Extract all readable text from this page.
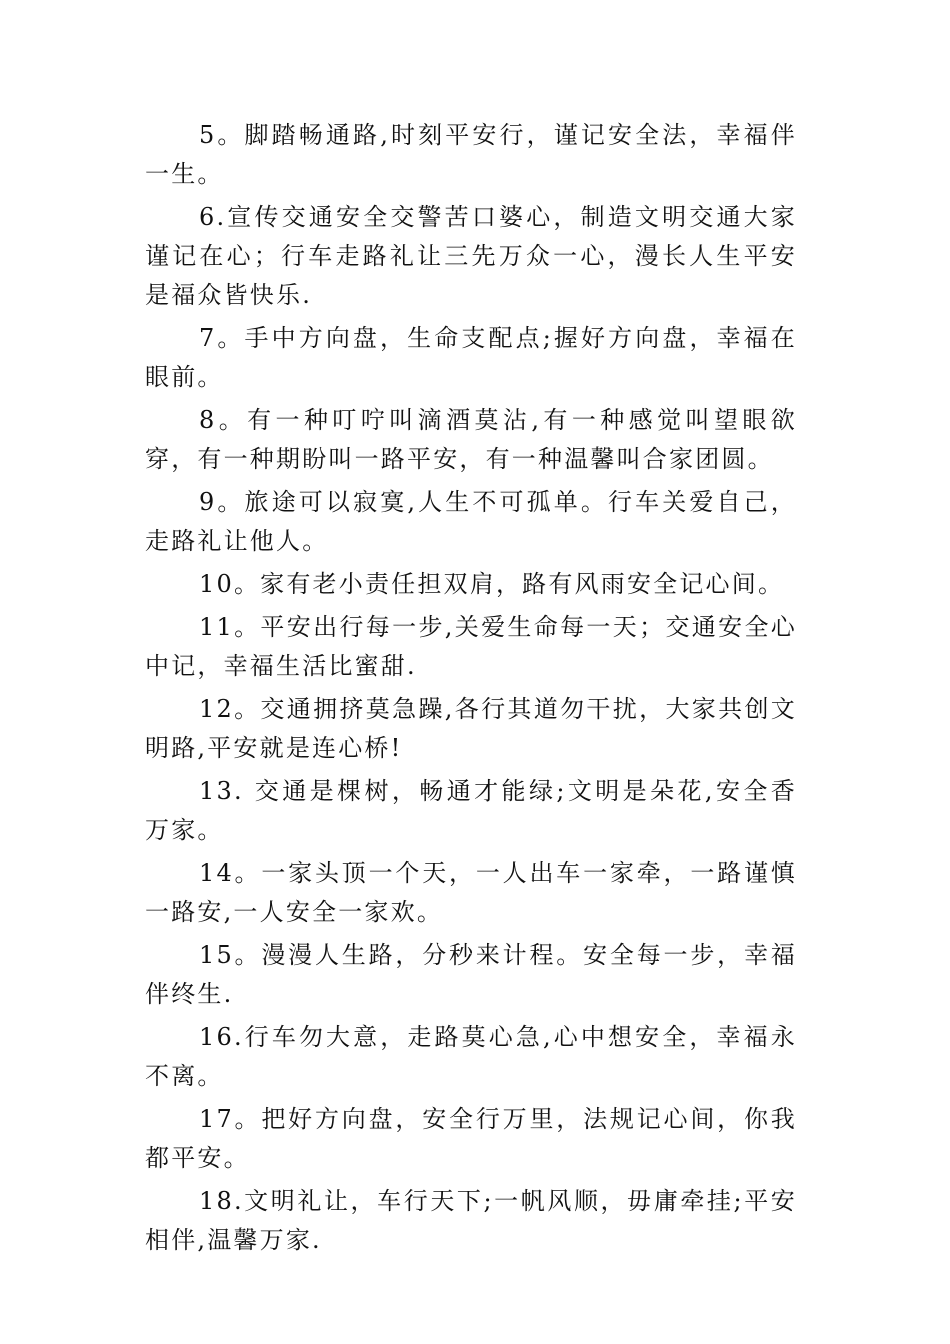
5。脚踏畅通路,时刻平安行，谨记安全法，幸福伴一生。

6.宣传交通安全交警苦口婆心，制造文明交通大家谨记在心；行车走路礼让三先万众一心，漫长人生平安是福众皆快乐.

7。手中方向盘，生命支配点;握好方向盘，幸福在眼前。

8。有一种叮咛叫滴酒莫沾,有一种感觉叫望眼欲穿，有一种期盼叫一路平安，有一种温馨叫合家团圆。

9。旅途可以寂寞,人生不可孤单。行车关爱自己，走路礼让他人。

10。家有老小责任担双肩，路有风雨安全记心间。

11。平安出行每一步,关爱生命每一天；交通安全心中记，幸福生活比蜜甜.

12。交通拥挤莫急躁,各行其道勿干扰，大家共创文明路,平安就是连心桥!

13. 交通是棵树，畅通才能绿;文明是朵花,安全香万家。

14。一家头顶一个天，一人出车一家牵，一路谨慎一路安,一人安全一家欢。

15。漫漫人生路，分秒来计程。安全每一步，幸福伴终生.

16.行车勿大意，走路莫心急,心中想安全，幸福永不离。

17。把好方向盘，安全行万里，法规记心间，你我都平安。

18.文明礼让，车行天下;一帆风顺，毋庸牵挂;平安相伴,温馨万家.
